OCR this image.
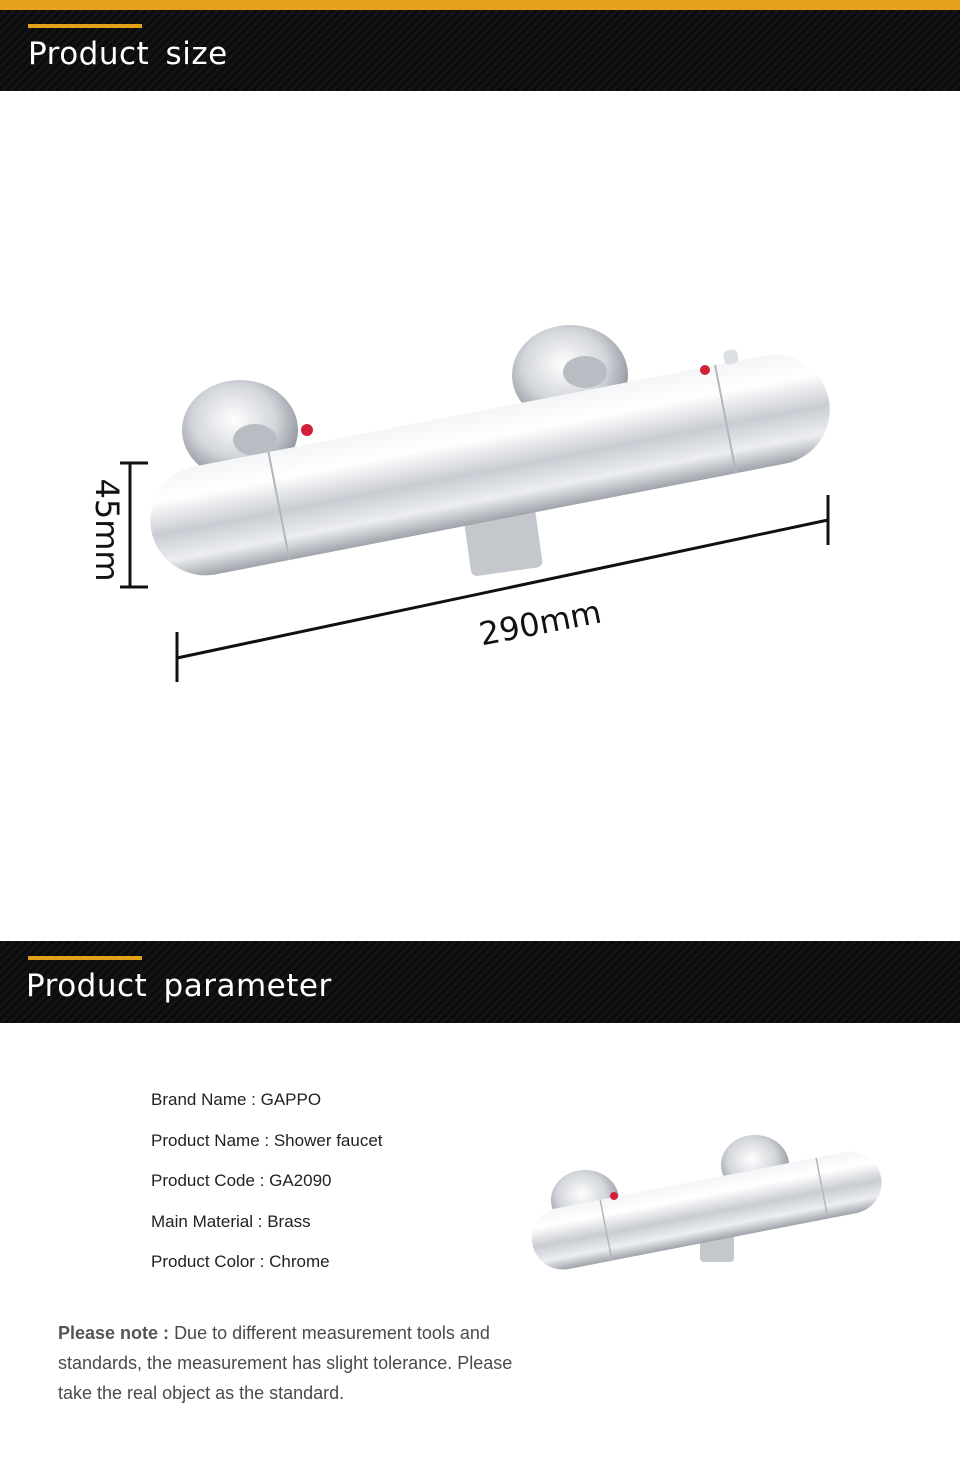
Product size
45mm
290mm
Product parameter
Brand Name : GAPPO
Product Name : Shower faucet
Product Code : GA2090
Main Material : Brass
Product Color : Chrome
Please note : Due to different measurement tools and standards, the measurement has slight tolerance. Please take the real object as the standard.
